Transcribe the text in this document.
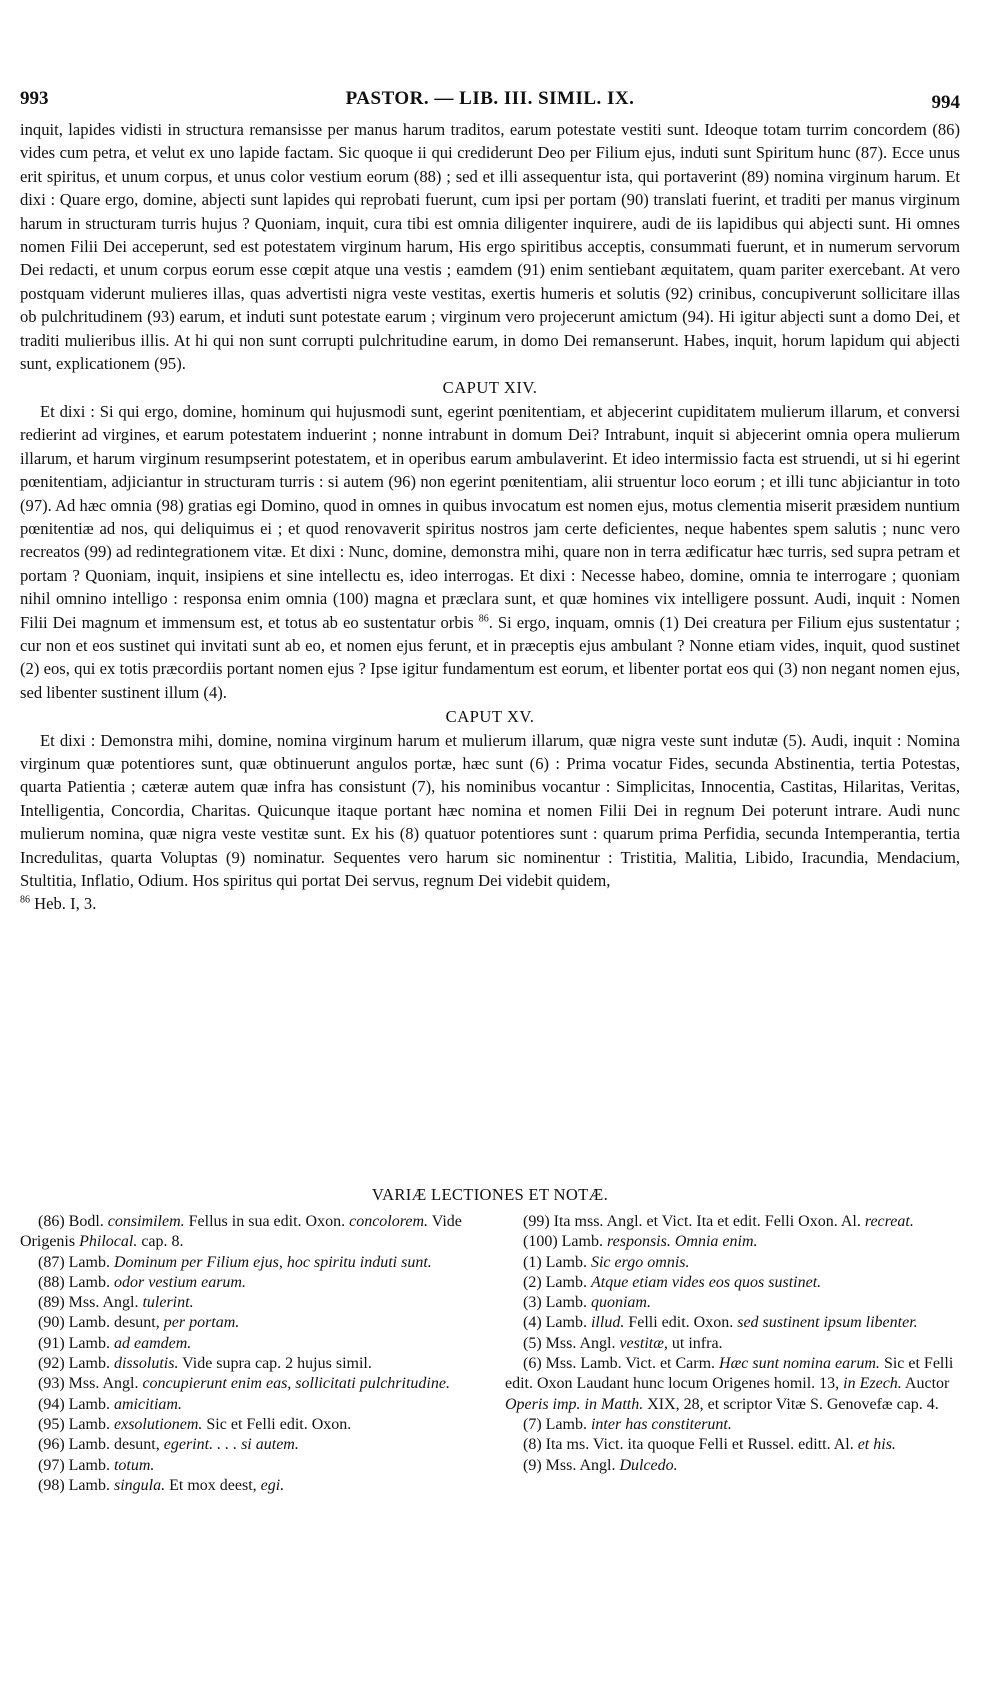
993	PASTOR. — LIB. III. SIMIL. IX.	994

inquit, lapides vidisti in structura remansisse per manus harum traditos, earum potestate vestiti sunt. Ideoque totam turrim concordem (86) vides cum petra, et velut ex uno lapide factam. Sic quoque ii qui crediderunt Deo per Filium ejus, induti sunt Spiritum hunc (87). Ecce unus erit spiritus, et unum corpus, et unus color vestium eorum (88) ; sed et illi assequentur ista, qui portaverint (89) nomina virginum harum. Et dixi : Quare ergo, domine, abjecti sunt lapides qui reprobati fuerunt, cum ipsi per portam (90) translati fuerint, et traditi per manus virginum harum in structuram turris hujus ? Quoniam, inquit, cura tibi est omnia diligenter inquirere, audi de iis lapidibus qui abjecti sunt. Hi omnes nomen Filii Dei acceperunt, sed est potestatem virginum harum, His ergo spiritibus acceptis, consummati fuerunt, et in numerum servorum Dei redacti, et unum corpus eorum esse cœpit atque una vestis ; eamdem (91) enim sentiebant æquitatem, quam pariter exercebant. At vero postquam viderunt mulieres illas, quas advertisti nigra veste vestitas, exertis humeris et solutis (92) crinibus, concupiverunt sollicitare illas ob pulchritudinem (93) earum, et induti sunt potestate earum ; virginum vero projecerunt amictum (94). Hi igitur abjecti sunt a domo Dei, et traditi mulieribus illis. At hi qui non sunt corrupti pulchritudine earum, in domo Dei remanserunt. Habes, inquit, horum lapidum qui abjecti sunt, explicationem (95).

CAPUT XIV.

Et dixi : Si qui ergo, domine, hominum qui hujusmodi sunt, egerint pœnitentiam, et abjecerint cupiditatem mulierum illarum, et conversi redierint ad virgines, et earum potestatem induerint ; nonne intrabunt in domum Dei? Intrabunt, inquit si abjecerint omnia opera mulierum illarum, et harum virginum resumpserint potestatem, et in operibus earum ambulaverint. Et ideo intermissio facta est struendi, ut si hi egerint pœnitentiam, adjiciantur in structuram turris : si autem (96) non egerint pœnitentiam, alii struentur loco eorum ; et illi tunc abjiciantur in toto (97). Ad hæc omnia (98) gratias egi Domino, quod in omnes in quibus invocatum est nomen ejus, motus clementia miserit præsidem nuntium pœnitentiæ ad nos, qui deliquimus ei ; et quod renovaverit spiritus nostros jam certe deficientes, neque habentes spem salutis ; nunc vero recreatos (99) ad redintegrationem vitæ. Et dixi : Nunc, domine, demonstra mihi, quare non in terra ædificatur hæc turris, sed supra petram et portam ? Quoniam, inquit, insipiens et sine intellectu es, ideo interrogas. Et dixi : Necesse habeo, domine, omnia te interrogare ; quoniam nihil omnino intelligo : responsa enim omnia (100) magna et præclara sunt, et quæ homines vix intelligere possunt. Audi, inquit : Nomen Filii Dei magnum et immensum est, et totus ab eo sustentatur orbis $^{86}$. Si ergo, inquam, omnis (1) Dei creatura per Filium ejus sustentatur ; cur non et eos sustinet qui invitati sunt ab eo, et nomen ejus ferunt, et in præceptis ejus ambulant ? Nonne etiam vides, inquit, quod sustinet (2) eos, qui ex totis præcordiis portant nomen ejus ? Ipse igitur fundamentum est eorum, et libenter portat eos qui (3) non negant nomen ejus, sed libenter sustinent illum (4).

CAPUT XV.

Et dixi : Demonstra mihi, domine, nomina virginum harum et mulierum illarum, quæ nigra veste sunt indutæ (5). Audi, inquit : Nomina virginum quæ potentiores sunt, quæ obtinuerunt angulos portæ, hæc sunt (6) : Prima vocatur Fides, secunda Abstinentia, tertia Potestas, quarta Patientia ; cæteræ autem quæ infra has consistunt (7), his nominibus vocantur : Simplicitas, Innocentia, Castitas, Hilaritas, Veritas, Intelligentia, Concordia, Charitas. Quicunque itaque portant hæc nomina et nomen Filii Dei in regnum Dei poterunt intrare. Audi nunc mulierum nomina, quæ nigra veste vestitæ sunt. Ex his (8) quatuor potentiores sunt : quarum prima Perfidia, secunda Intemperantia, tertia Incredulitas, quarta Voluptas (9) nominatur. Sequentes vero harum sic nominentur : Tristitia, Malitia, Libido, Iracundia, Mendacium, Stultitia, Inflatio, Odium. Hos spiritus qui portat Dei servus, regnum Dei videbit quidem,

$^{86}$ Heb. I, 3.

VARIÆ LECTIONES ET NOTÆ.

(86) Bodl. consimilem. Fellus in sua edit. Oxon. concolorem. Vide Origenis Philocal. cap. 8.

(87) Lamb. Dominum per Filium ejus, hoc spiritu induti sunt.

(88) Lamb. odor vestium earum.

(89) Mss. Angl. tulerint.

(90) Lamb. desunt, per portam.

(91) Lamb. ad eamdem.

(92) Lamb. dissolutis. Vide supra cap. 2 hujus simil.

(93) Mss. Angl. concupierunt enim eas, sollicitati pulchritudine.

(94) Lamb. amicitiam.

(95) Lamb. exsolutionem. Sic et Felli edit. Oxon.

(96) Lamb. desunt, egerint. . . . si autem.

(97) Lamb. totum.

(98) Lamb. singula. Et mox deest, egi.

(99) Ita mss. Angl. et Vict. Ita et edit. Felli Oxon. Al. recreat.

(100) Lamb. responsis. Omnia enim.

(1) Lamb. Sic ergo omnis.

(2) Lamb. Atque etiam vides eos quos sustinet.

(3) Lamb. quoniam.

(4) Lamb. illud. Felli edit. Oxon. sed sustinent ipsum libenter.

(5) Mss. Angl. vestitæ, ut infra.

(6) Mss. Lamb. Vict. et Carm. Hæc sunt nomina earum. Sic et Felli edit. Oxon Laudant hunc locum Origenes homil. 13, in Ezech. Auctor Operis imp. in Matth. XIX, 28, et scriptor Vitæ S. Genovefæ cap. 4.

(7) Lamb. inter has constiterunt.

(8) Ita ms. Vict. ita quoque Felli et Russel. editt. Al. et his.

(9) Mss. Angl. Dulcedo.
